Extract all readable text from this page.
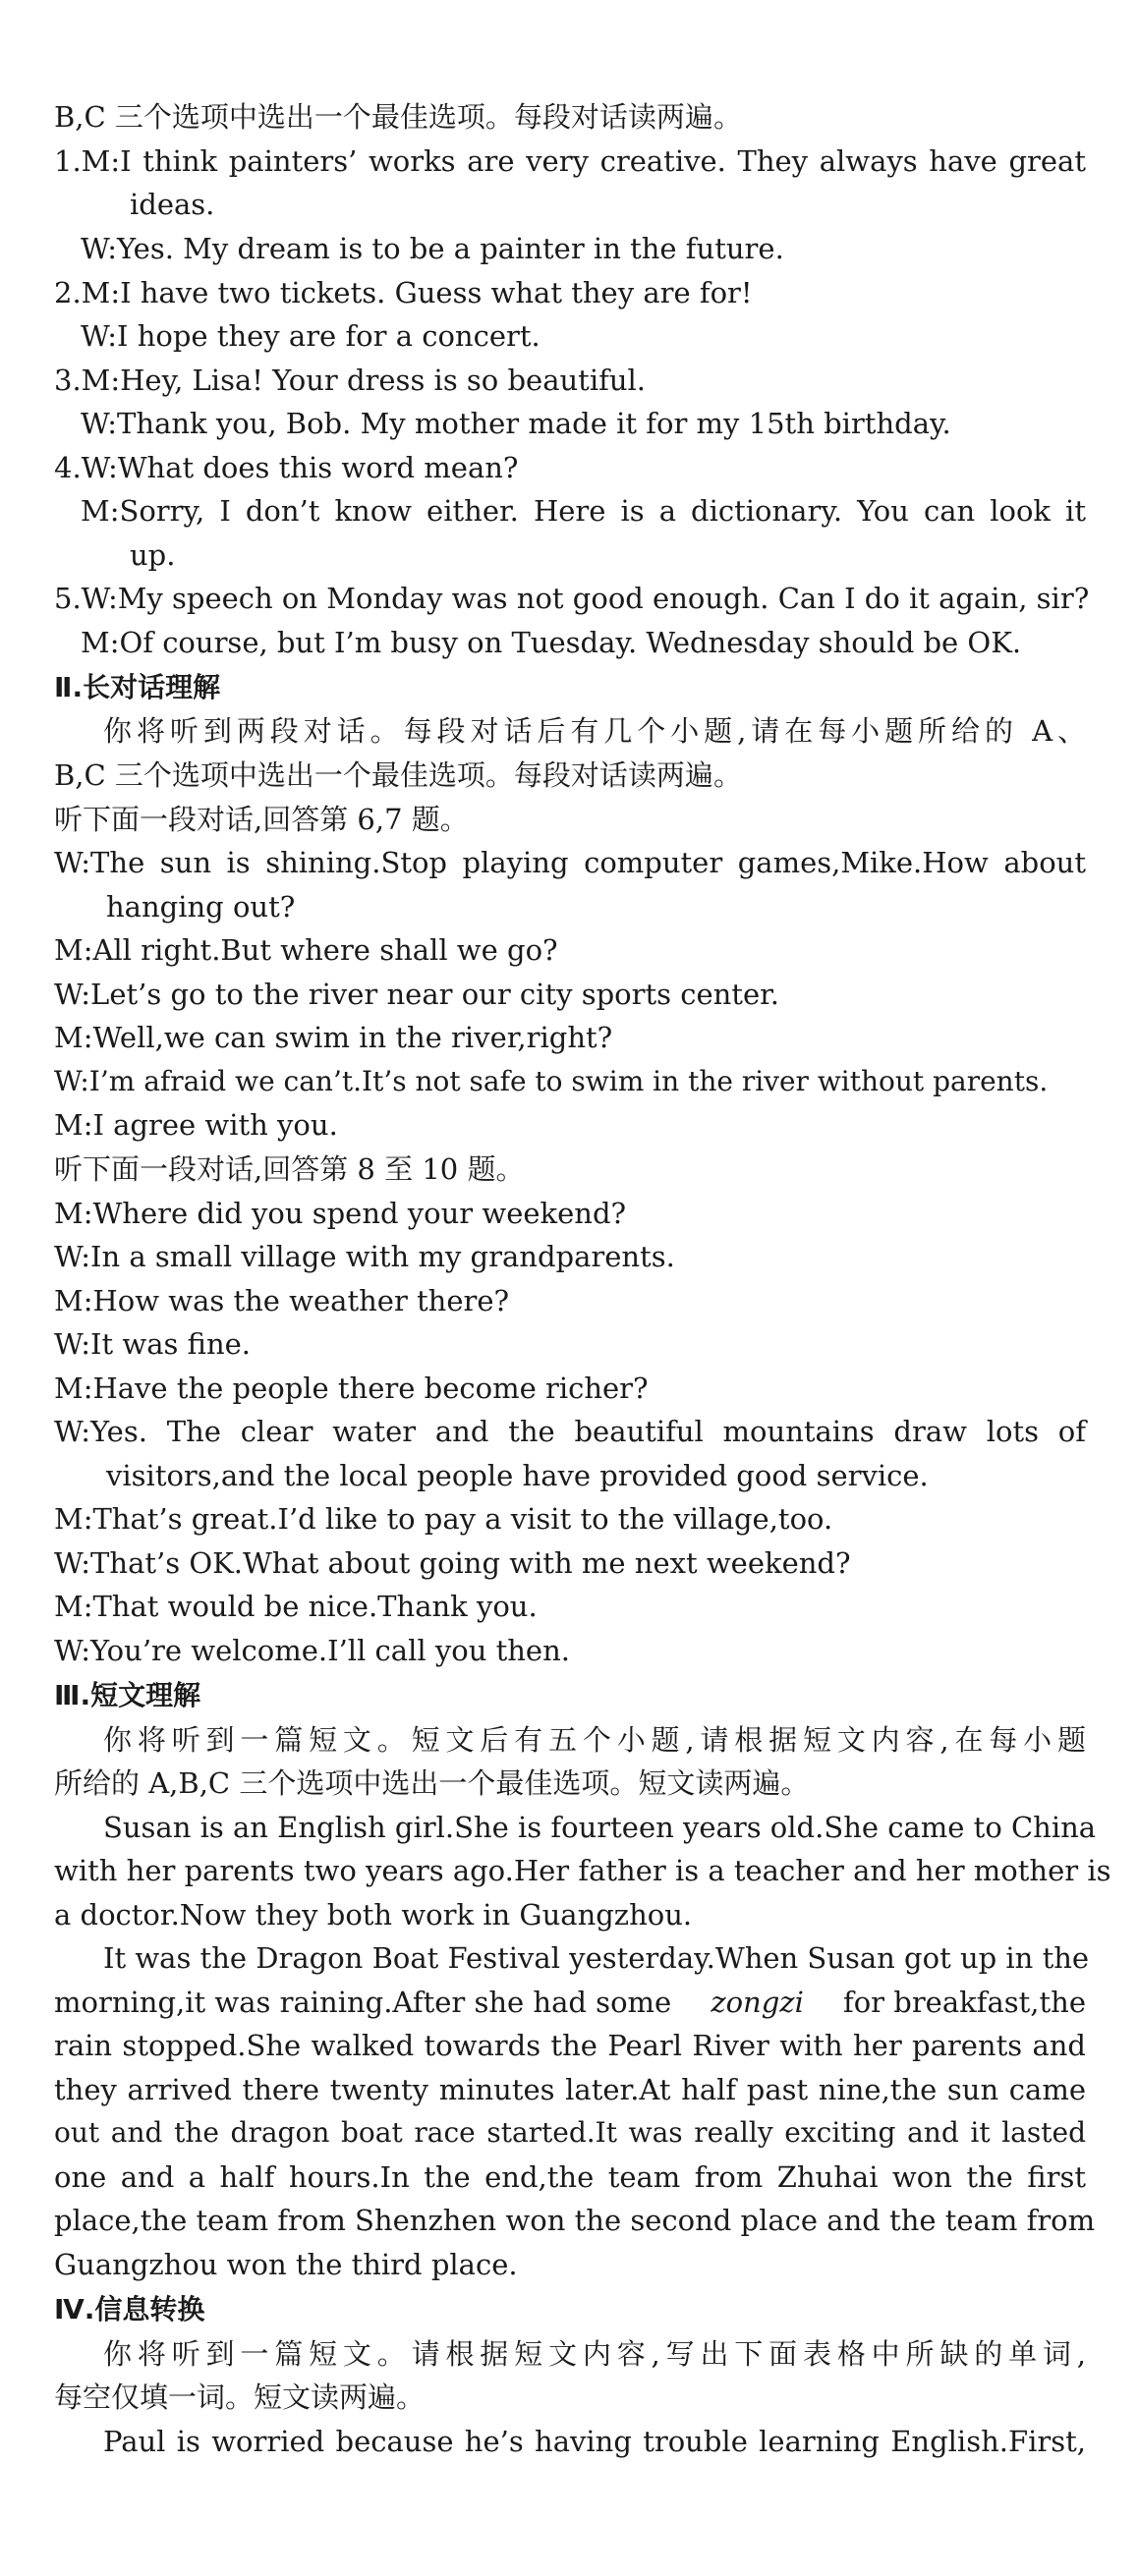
B,C 三个选项中选出一个最佳选项。每段对话读两遍。
1.M:I think painters’ works are very creative. They always have great
ideas.
W:Yes. My dream is to be a painter in the future.
2.M:I have two tickets. Guess what they are for!
W:I hope they are for a concert.
3.M:Hey, Lisa! Your dress is so beautiful.
W:Thank you, Bob. My mother made it for my 15th birthday.
4.W:What does this word mean?
M:Sorry, I don’t know either. Here is a dictionary. You can look it
up.
5.W:My speech on Monday was not good enough. Can I do it again, sir?
M:Of course, but I’m busy on Tuesday. Wednesday should be OK.
Ⅱ.长对话理解
你将听到两段对话。每段对话后有几个小题,请在每小题所给的 A、
B,C 三个选项中选出一个最佳选项。每段对话读两遍。
听下面一段对话,回答第 6,7 题。
W:The sun is shining.Stop playing computer games,Mike.How about
hanging out?
M:All right.But where shall we go?
W:Let’s go to the river near our city sports center.
M:Well,we can swim in the river,right?
W:I’m afraid we can’t.It’s not safe to swim in the river without parents.
M:I agree with you.
听下面一段对话,回答第 8 至 10 题。
M:Where did you spend your weekend?
W:In a small village with my grandparents.
M:How was the weather there?
W:It was fine.
M:Have the people there become richer?
W:Yes. The clear water and the beautiful mountains draw lots of
visitors,and the local people have provided good service.
M:That’s great.I’d like to pay a visit to the village,too.
W:That’s OK.What about going with me next weekend?
M:That would be nice.Thank you.
W:You’re welcome.I’ll call you then.
Ⅲ.短文理解
你将听到一篇短文。短文后有五个小题,请根据短文内容,在每小题
所给的 A,B,C 三个选项中选出一个最佳选项。短文读两遍。
Susan is an English girl.She is fourteen years old.She came to China
with her parents two years ago.Her father is a teacher and her mother is
a doctor.Now they both work in Guangzhou.
It was the Dragon Boat Festival yesterday.When Susan got up in the
morning,it was raining.After she had some zongzi for breakfast,the
rain stopped.She walked towards the Pearl River with her parents and
they arrived there twenty minutes later.At half past nine,the sun came
out and the dragon boat race started.It was really exciting and it lasted
one and a half hours.In the end,the team from Zhuhai won the first
place,the team from Shenzhen won the second place and the team from
Guangzhou won the third place.
Ⅳ.信息转换
你将听到一篇短文。请根据短文内容,写出下面表格中所缺的单词,
每空仅填一词。短文读两遍。
Paul is worried because he’s having trouble learning English.First,
